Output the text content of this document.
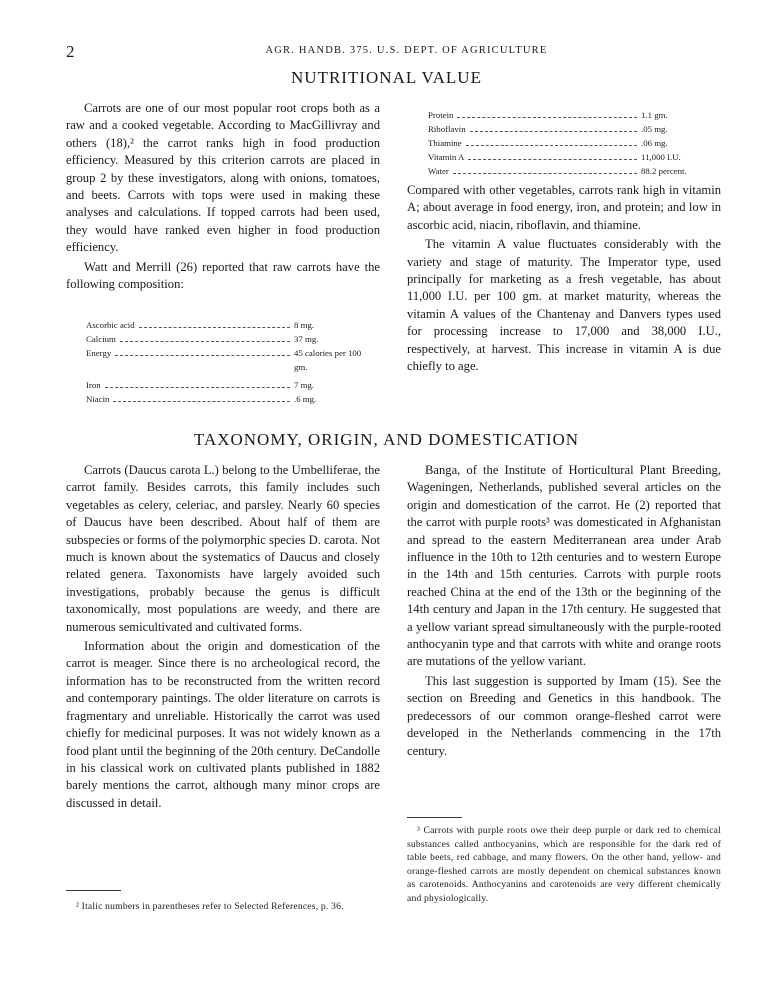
2	AGR. HANDB. 375. U.S. DEPT. OF AGRICULTURE
NUTRITIONAL VALUE

Carrots are one of our most popular root crops both as a raw and a cooked vegetable. According to MacGillivray and others (18),² the carrot ranks high in food production efficiency. Measured by this criterion carrots are placed in group 2 by these investigators, along with onions, tomatoes, and beets. Carrots with tops were used in making these analyses and calculations. If topped carrots had been used, they would have ranked even higher in food production efficiency.

Watt and Merrill (26) reported that raw carrots have the following composition:

Ascorbic acid	8 mg.
Calcium	37 mg.
Energy	45 calories per 100 gm.
Iron	7 mg.
Niacin	.6 mg.
Protein	1.1 gm.
Riboflavin	.05 mg.
Thiamine	.06 mg.
Vitamin A	11,000 I.U.
Water	88.2 percent.

Compared with other vegetables, carrots rank high in vitamin A; about average in food energy, iron, and protein; and low in ascorbic acid, niacin, riboflavin, and thiamine.

The vitamin A value fluctuates considerably with the variety and stage of maturity. The Imperator type, used principally for marketing as a fresh vegetable, has about 11,000 I.U. per 100 gm. at market maturity, whereas the vitamin A values of the Chantenay and Danvers types used for processing increase to 17,000 and 38,000 I.U., respectively, at harvest. This increase in vitamin A is due chiefly to age.

TAXONOMY, ORIGIN, AND DOMESTICATION

Carrots (Daucus carota L.) belong to the Umbelliferae, the carrot family. Besides carrots, this family includes such vegetables as celery, celeriac, and parsley. Nearly 60 species of Daucus have been described. About half of them are subspecies or forms of the polymorphic species D. carota. Not much is known about the systematics of Daucus and closely related genera. Taxonomists have largely avoided such investigations, probably because the genus is difficult taxonomically, most populations are weedy, and there are numerous semicultivated and cultivated forms.

Information about the origin and domestication of the carrot is meager. Since there is no archeological record, the information has to be reconstructed from the written record and contemporary paintings. The older literature on carrots is fragmentary and unreliable. Historically the carrot was used chiefly for medicinal purposes. It was not widely known as a food plant until the beginning of the 20th century. DeCandolle in his classical work on cultivated plants published in 1882 barely mentions the carrot, although many minor crops are discussed in detail.

Banga, of the Institute of Horticultural Plant Breeding, Wageningen, Netherlands, published several articles on the origin and domestication of the carrot. He (2) reported that the carrot with purple roots³ was domesticated in Afghanistan and spread to the eastern Mediterranean area under Arab influence in the 10th to 12th centuries and to western Europe in the 14th and 15th centuries. Carrots with purple roots reached China at the end of the 13th or the beginning of the 14th century and Japan in the 17th century. He suggested that a yellow variant spread simultaneously with the purple-rooted anthocyanin type and that carrots with white and orange roots are mutations of the yellow variant.

This last suggestion is supported by Imam (15). See the section on Breeding and Genetics in this handbook. The predecessors of our common orange-fleshed carrot were developed in the Netherlands commencing in the 17th century.

² Italic numbers in parentheses refer to Selected References, p. 36.

³ Carrots with purple roots owe their deep purple or dark red to chemical substances called anthocyanins, which are responsible for the dark red of table beets, red cabbage, and many flowers. On the other hand, yellow- and orange-fleshed carrots are mostly dependent on chemical substances known as carotenoids. Anthocyanins and carotenoids are very different chemically and physiologically.
